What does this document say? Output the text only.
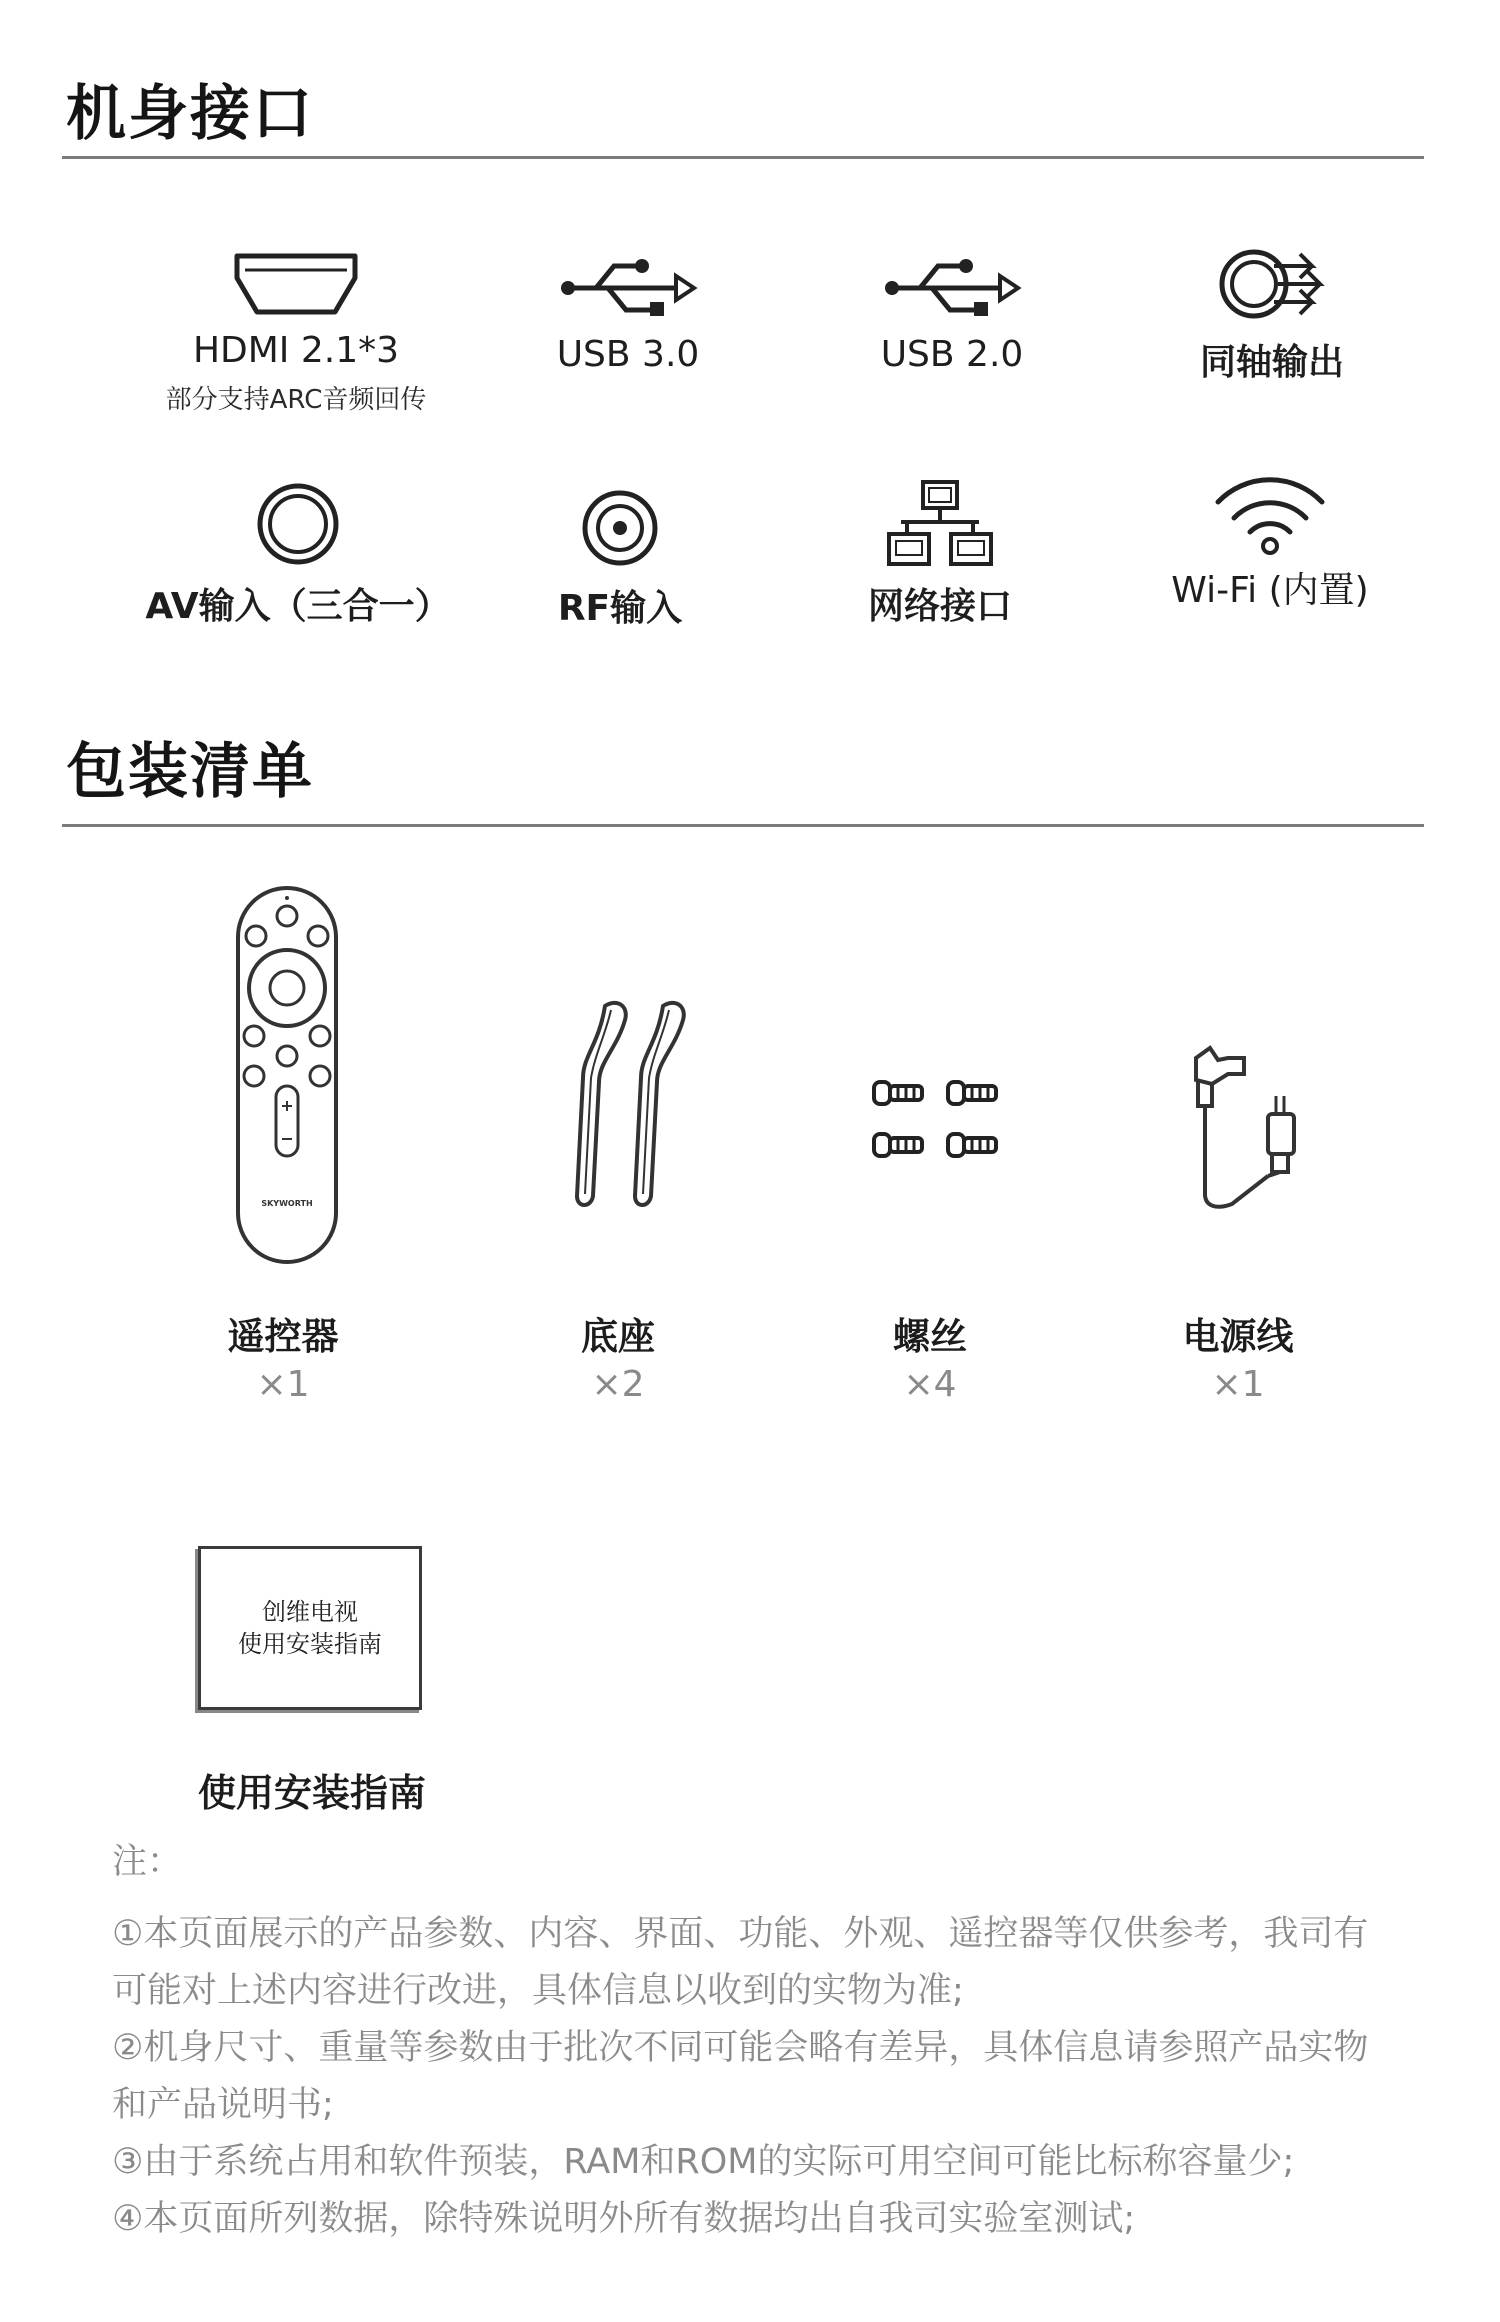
机身接口
HDMI 2.1*3
部分支持ARC音频回传
USB 3.0	USB 2.0	同轴输出
AV输入（三合一）	RF输入	网络接口	Wi-Fi (内置)
包装清单
SKYWORTH
遥控器
×1
底座
×2
螺丝
×4
电源线
×1
创维电视
使用安装指南
使用安装指南

注：

①本页面展示的产品参数、内容、界面、功能、外观、遥控器等仅供参考，我司有 可能对上述内容进行改进，具体信息以收到的实物为准;

②机身尺寸、重量等参数由于批次不同可能会略有差异，具体信息请参照产品实物和产品说明书;

③由于系统占用和软件预装，RAM和ROM的实际可用空间可能比标称容量少;

④本页面所列数据，除特殊说明外所有数据均出自我司实验室测试;
